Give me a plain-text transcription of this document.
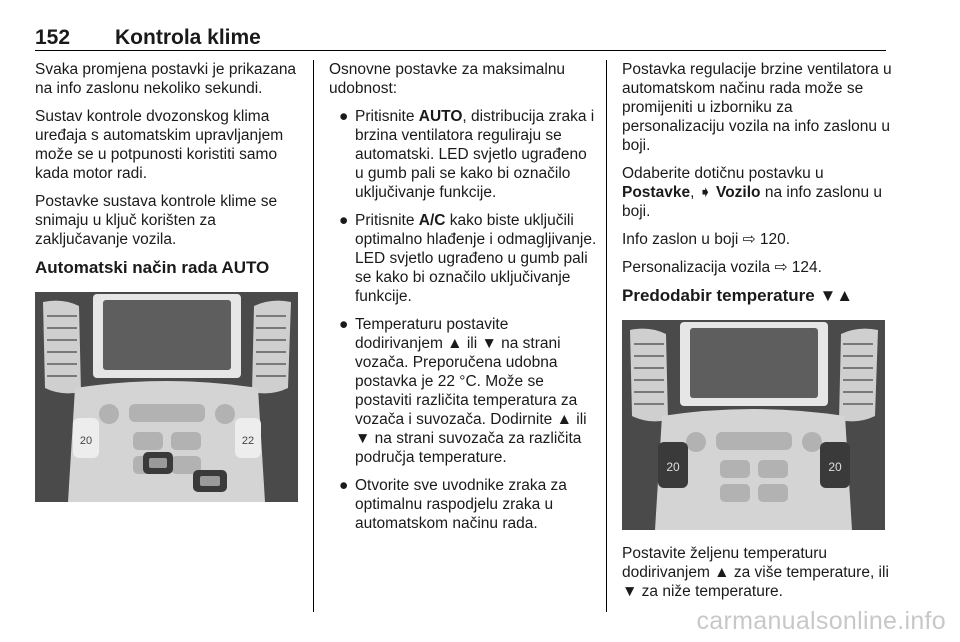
152 Kontrola klime

Svaka promjena postavki je prikazana na info zaslonu nekoliko sekundi.

Sustav kontrole dvozonskog klima uređaja s automatskim upravljanjem može se u potpunosti koristiti samo kada motor radi.

Postavke sustava kontrole klime se snimaju u ključ korišten za zaključavanje vozila.

Automatski način rada AUTO
20	22

Osnovne postavke za maksimalnu udobnost:

● Pritisnite AUTO, distribucija zraka i brzina ventilatora reguliraju se automatski. LED svjetlo ugrađeno u gumb pali se kako bi označilo uključivanje funkcije.
● Pritisnite A/C kako biste uključili optimalno hlađenje i odmagljivanje. LED svjetlo ugrađeno u gumb pali se kako bi označilo uključivanje funkcije.
● Temperaturu postavite dodirivanjem ▲ ili ▼ na strani vozača. Preporučena udobna postavka je 22 °C. Može se postaviti različita temperatura za vozača i suvozača. Dodirnite ▲ ili ▼ na strani suvozača za različita područja temperature.
● Otvorite sve uvodnike zraka za optimalnu raspodjelu zraka u automatskom načinu rada.

Postavka regulacije brzine ventilatora u automatskom načinu rada može se promijeniti u izborniku za personalizaciju vozila na info zaslonu u boji.

Odaberite dotičnu postavku u Postavke, ➧ Vozilo na info zaslonu u boji.

Info zaslon u boji ⇨ 120.

Personalizacija vozila ⇨ 124.

Predodabir temperature ▼▲
20	20

Postavite željenu temperaturu dodirivanjem ▲ za više temperature, ili ▼ za niže temperature.

carmanualsonline.info
